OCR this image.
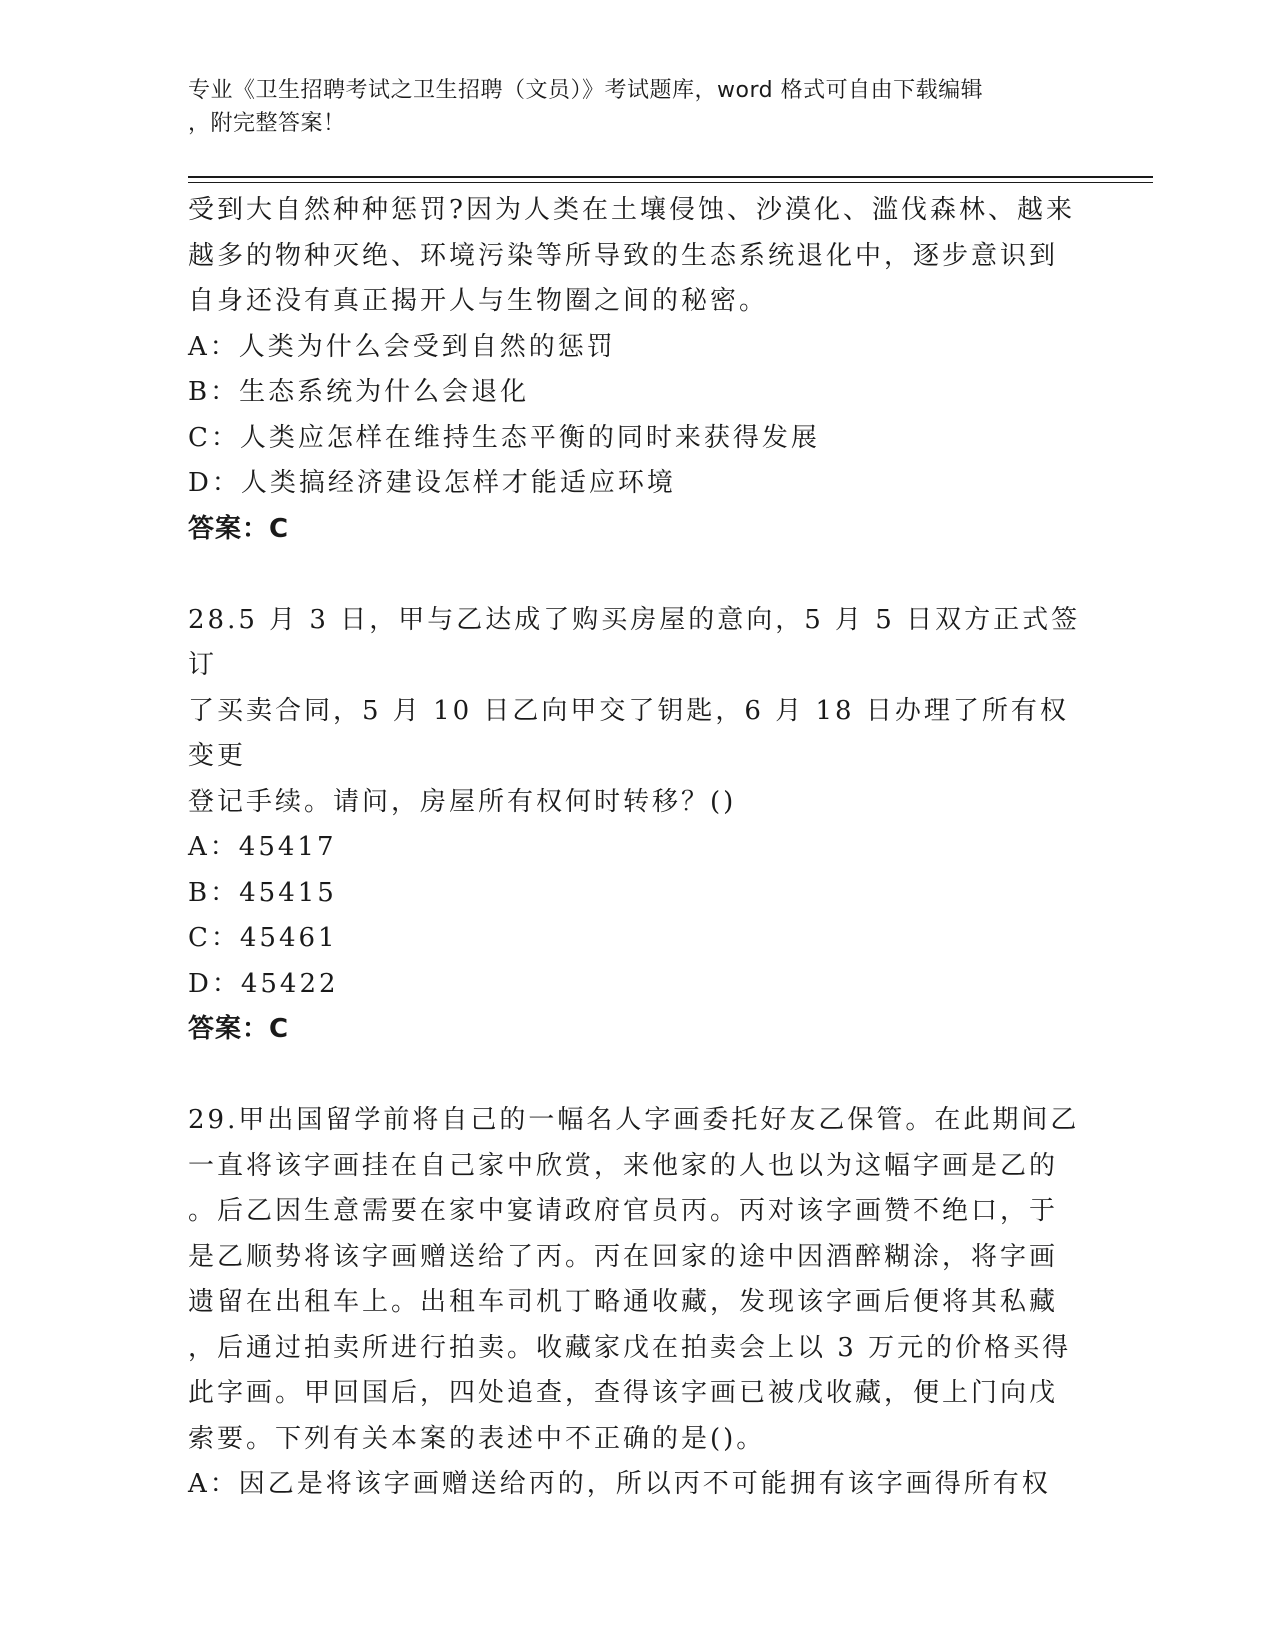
专业《卫生招聘考试之卫生招聘（文员）》考试题库，word 格式可自由下载编辑
，附完整答案！

受到大自然种种惩罚?因为人类在土壤侵蚀、沙漠化、滥伐森林、越来

越多的物种灭绝、环境污染等所导致的生态系统退化中，逐步意识到

自身还没有真正揭开人与生物圈之间的秘密。

A：人类为什么会受到自然的惩罚

B：生态系统为什么会退化

C：人类应怎样在维持生态平衡的同时来获得发展

D：人类搞经济建设怎样才能适应环境

答案：C

28.5 月 3 日，甲与乙达成了购买房屋的意向，5 月 5 日双方正式签订

了买卖合同，5 月 10 日乙向甲交了钥匙，6 月 18 日办理了所有权变更

登记手续。请问，房屋所有权何时转移？()

A：45417

B：45415

C：45461

D：45422

答案：C

29.甲出国留学前将自己的一幅名人字画委托好友乙保管。在此期间乙

一直将该字画挂在自己家中欣赏，来他家的人也以为这幅字画是乙的

。后乙因生意需要在家中宴请政府官员丙。丙对该字画赞不绝口，于

是乙顺势将该字画赠送给了丙。丙在回家的途中因酒醉糊涂，将字画

遗留在出租车上。出租车司机丁略通收藏，发现该字画后便将其私藏

，后通过拍卖所进行拍卖。收藏家戊在拍卖会上以 3 万元的价格买得

此字画。甲回国后，四处追查，查得该字画已被戊收藏，便上门向戊

索要。下列有关本案的表述中不正确的是()。

A：因乙是将该字画赠送给丙的，所以丙不可能拥有该字画得所有权
